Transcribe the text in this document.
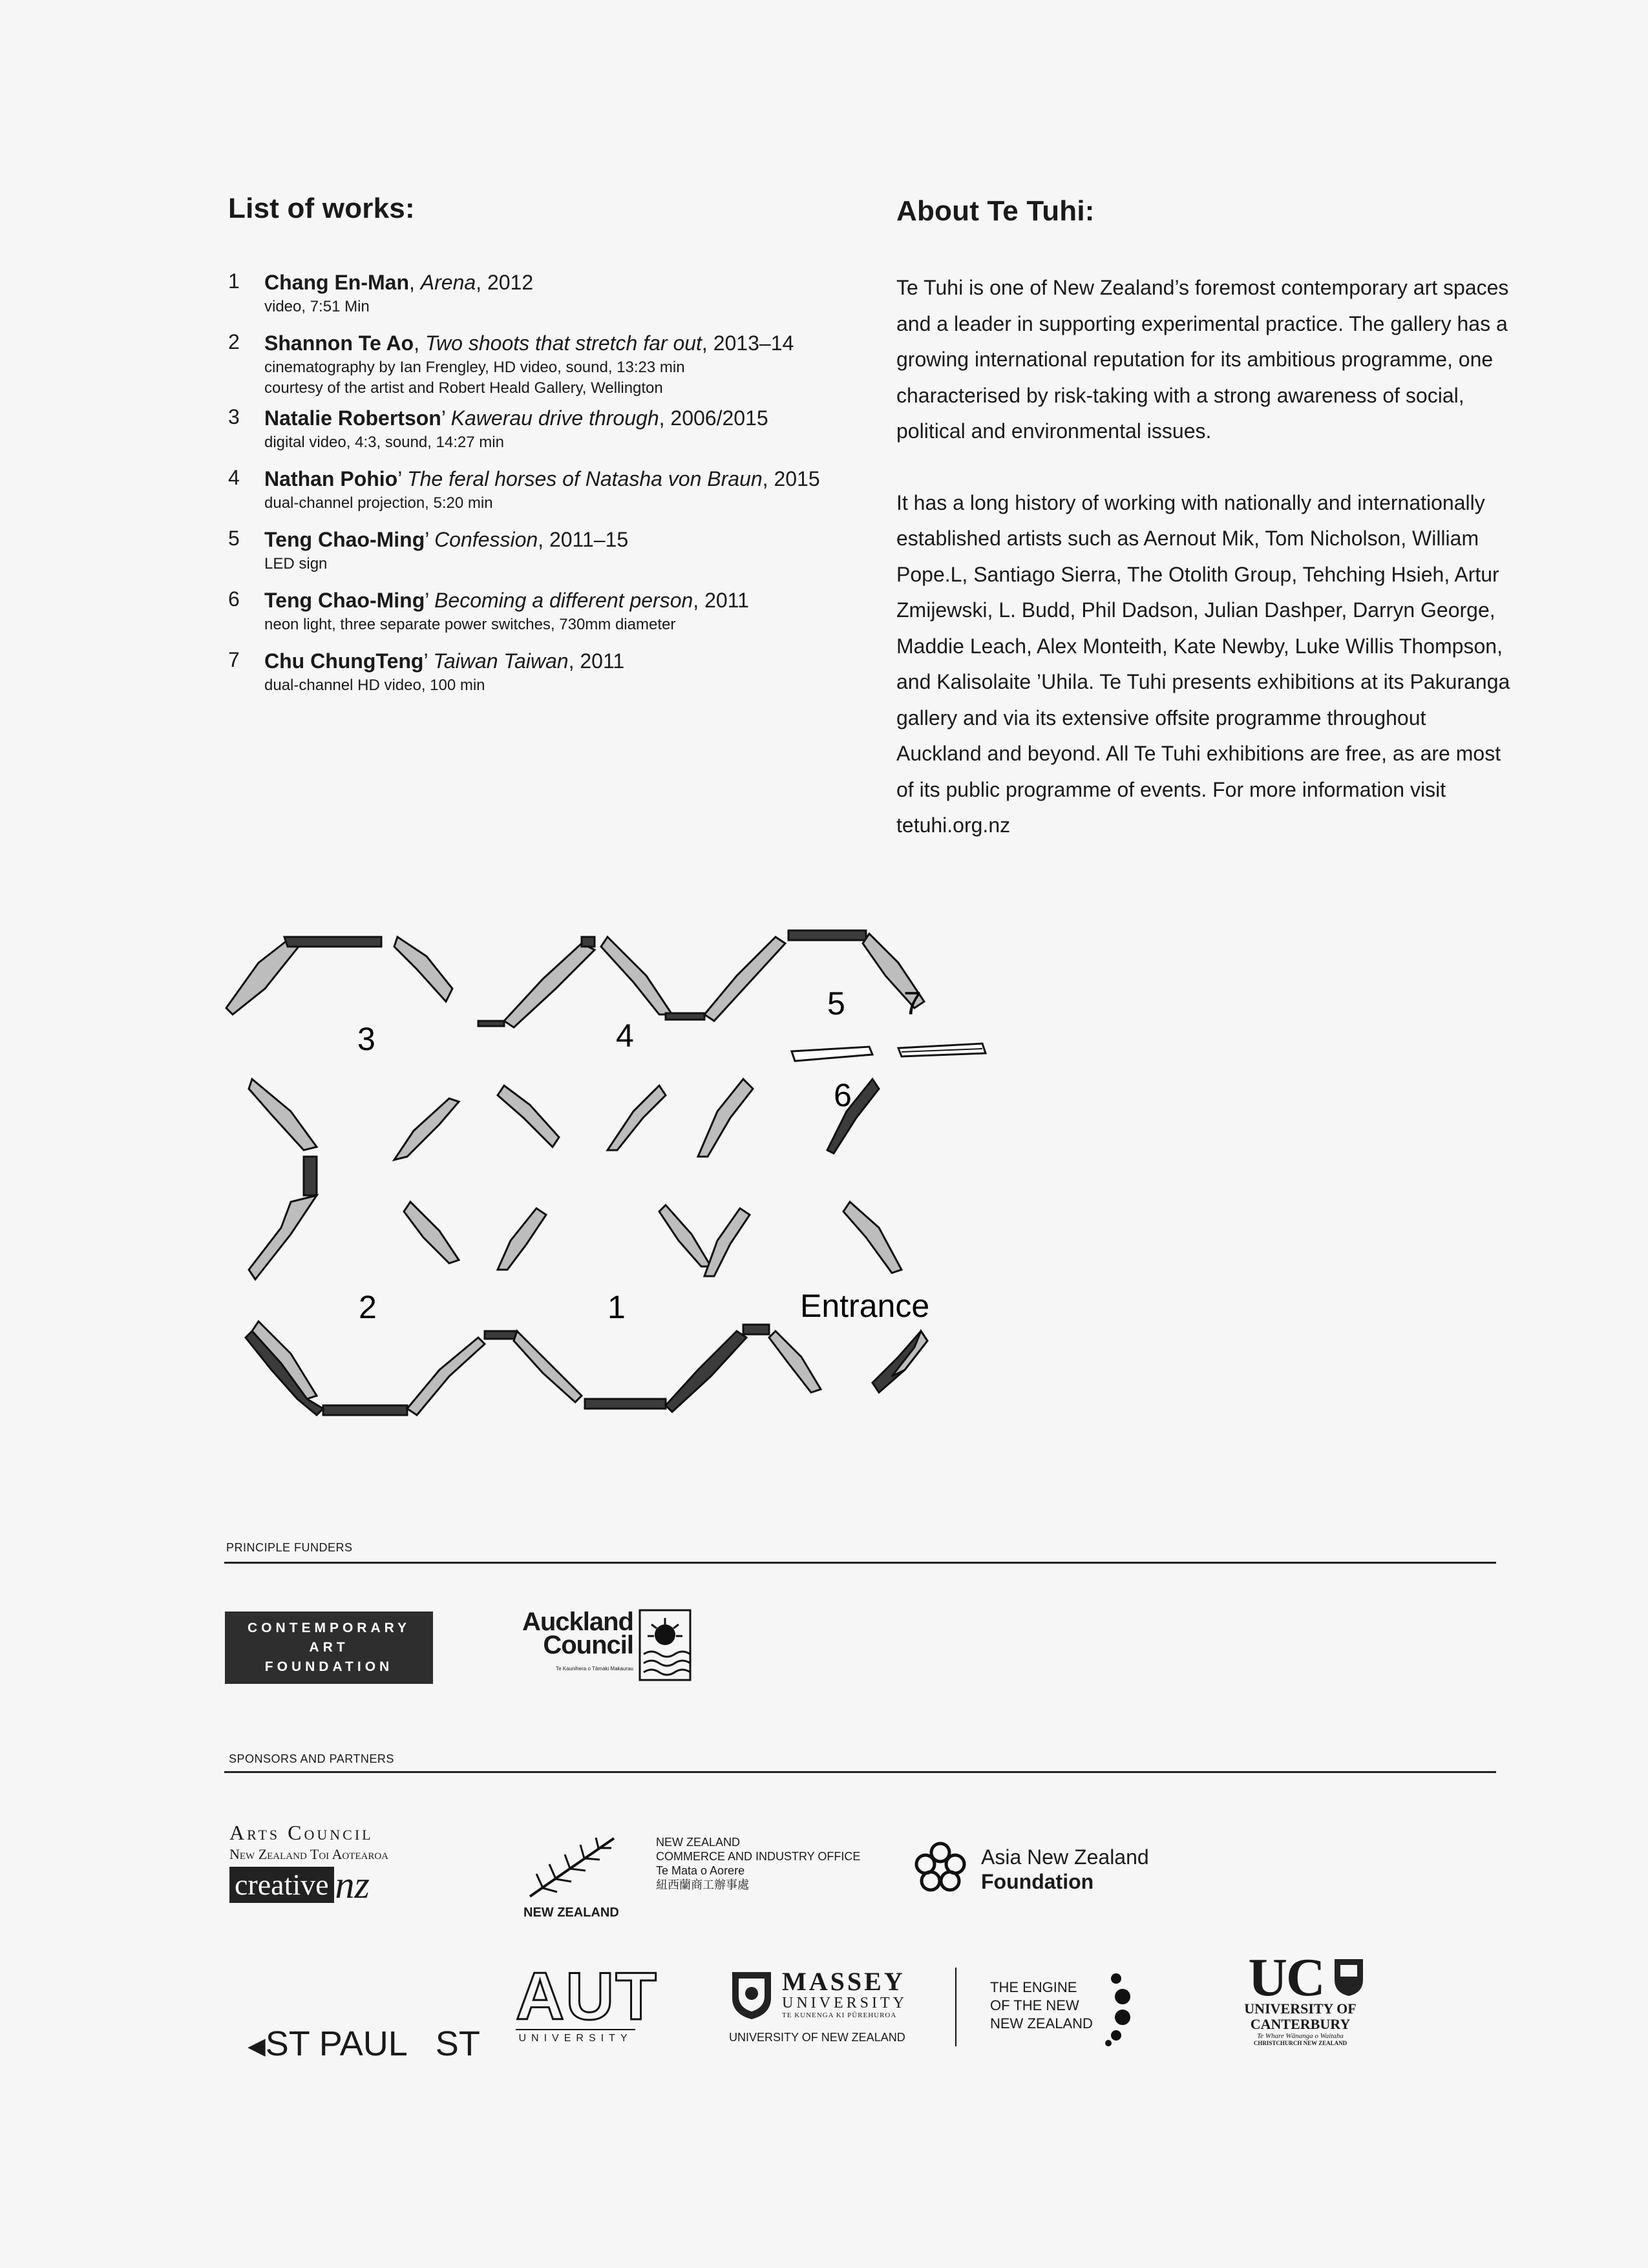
List of works:
1 Chang En-Man, Arena, 2012
video, 7:51 Min
2 Shannon Te Ao, Two shoots that stretch far out, 2013–14
cinematography by Ian Frengley, HD video, sound, 13:23 min
courtesy of the artist and Robert Heald Gallery, Wellington
3 Natalie Robertson’ Kawerau drive through, 2006/2015
digital video, 4:3, sound, 14:27 min
4 Nathan Pohio’ The feral horses of Natasha von Braun, 2015
dual-channel projection, 5:20 min
5 Teng Chao-Ming’ Confession, 2011–15
LED sign
6 Teng Chao-Ming’ Becoming a different person, 2011
neon light, three separate power switches, 730mm diameter
7 Chu ChungTeng’ Taiwan Taiwan, 2011
dual-channel HD video, 100 min
About Te Tuhi:

Te Tuhi is one of New Zealand’s foremost contemporary art spaces and a leader in supporting experimental practice. The gallery has a growing international reputation for its ambitious programme, one characterised by risk-taking with a strong awareness of social, political and environmental issues.

It has a long history of working with nationally and internationally established artists such as Aernout Mik, Tom Nicholson, William Pope.L, Santiago Sierra, The Otolith Group, Tehching Hsieh, Artur Zmijewski, L. Budd, Phil Dadson, Julian Dashper, Darryn George, Maddie Leach, Alex Monteith, Kate Newby, Luke Willis Thompson, and Kalisolaite ’Uhila. Te Tuhi presents exhibitions at its Pakuranga gallery and via its extensive offsite programme throughout Auckland and beyond. All Te Tuhi exhibitions are free, as are most of its public programme of events. For more information visit tetuhi.org.nz

3	4
5 7
6
2	1	Entrance
PRINCIPLE FUNDERS
CONTEMPORARY
ART
FOUNDATION
Auckland
Council
Te Kaunihera o Tāmaki Makaurau
SPONSORS AND PARTNERS
Arts Council
New Zealand Toi Aotearoa
creative nz
NEW ZEALAND
NEW ZEALAND
COMMERCE AND INDUSTRY OFFICE
Te Mata o Aorere
紐西蘭商工辦事處
Asia New Zealand
Foundation

◀ST PAUL   ST

AUT
UNIVERSITY
MASSEY
UNIVERSITY
TE KUNENGA KI PŪREHUROA
UNIVERSITY OF NEW ZEALAND
THE ENGINE
OF THE NEW
NEW ZEALAND
UC
UNIVERSITY OF
CANTERBURY
Te Whare Wānanga o Waitaha
CHRISTCHURCH NEW ZEALAND
